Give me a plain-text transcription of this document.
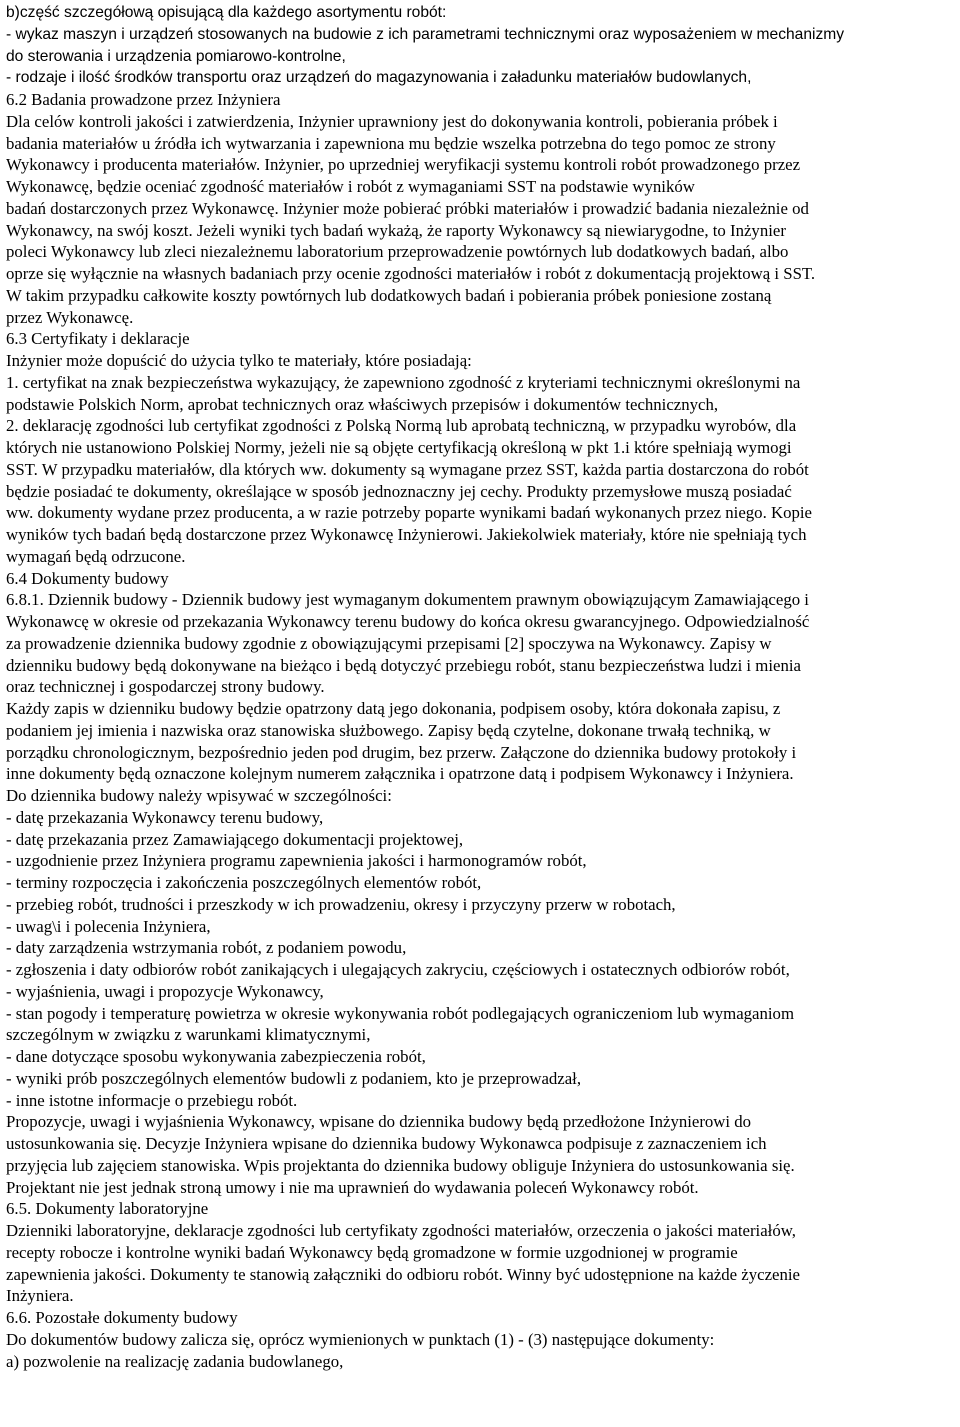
b)część szczegółową opisującą dla każdego asortymentu robót:
- wykaz maszyn i urządzeń stosowanych na budowie z ich parametrami technicznymi oraz wyposażeniem w mechanizmy
do sterowania i urządzenia pomiarowo-kontrolne,
- rodzaje i ilość środków transportu oraz urządzeń do magazynowania i załadunku materiałów budowlanych,
6.2 Badania prowadzone przez Inżyniera
Dla celów kontroli jakości i zatwierdzenia, Inżynier uprawniony jest do dokonywania kontroli, pobierania próbek i
badania materiałów u źródła ich wytwarzania i zapewniona mu będzie wszelka potrzebna do tego pomoc ze strony
Wykonawcy i producenta materiałów. Inżynier, po uprzedniej weryfikacji systemu kontroli robót prowadzonego przez
Wykonawcę, będzie oceniać zgodność materiałów i robót z wymaganiami SST na podstawie wyników
badań dostarczonych przez Wykonawcę. Inżynier może pobierać próbki materiałów i prowadzić badania niezależnie od
Wykonawcy, na swój koszt. Jeżeli wyniki tych badań wykażą, że raporty Wykonawcy są niewiarygodne, to Inżynier
poleci Wykonawcy lub zleci niezależnemu laboratorium przeprowadzenie powtórnych lub dodatkowych badań, albo
oprze się wyłącznie na własnych badaniach przy ocenie zgodności materiałów i robót z dokumentacją projektową i SST.
W takim przypadku całkowite koszty powtórnych lub dodatkowych badań i pobierania próbek poniesione zostaną
przez Wykonawcę.
6.3 Certyfikaty i deklaracje
Inżynier może dopuścić do użycia tylko te materiały, które posiadają:
1. certyfikat na znak bezpieczeństwa wykazujący, że zapewniono zgodność z kryteriami technicznymi określonymi na
podstawie Polskich Norm, aprobat technicznych oraz właściwych przepisów i dokumentów technicznych,
2. deklarację zgodności lub certyfikat zgodności z Polską Normą lub aprobatą techniczną, w przypadku wyrobów, dla
których nie ustanowiono Polskiej Normy, jeżeli nie są objęte certyfikacją określoną w pkt 1.i które spełniają wymogi
SST. W przypadku materiałów, dla których ww. dokumenty są wymagane przez SST, każda partia dostarczona do robót
będzie posiadać te dokumenty, określające w sposób jednoznaczny jej cechy. Produkty przemysłowe muszą posiadać
ww. dokumenty wydane przez producenta, a w razie potrzeby poparte wynikami badań wykonanych przez niego. Kopie
wyników tych badań będą dostarczone przez Wykonawcę Inżynierowi. Jakiekolwiek materiały, które nie spełniają tych
wymagań będą odrzucone.
6.4 Dokumenty budowy
6.8.1. Dziennik budowy - Dziennik budowy jest wymaganym dokumentem prawnym obowiązującym Zamawiającego i
Wykonawcę w okresie od przekazania Wykonawcy terenu budowy do końca okresu gwarancyjnego. Odpowiedzialność
za prowadzenie dziennika budowy zgodnie z obowiązującymi przepisami [2] spoczywa na Wykonawcy. Zapisy w
dzienniku budowy będą dokonywane na bieżąco i będą dotyczyć przebiegu robót, stanu bezpieczeństwa ludzi i mienia
oraz technicznej i gospodarczej strony budowy.
Każdy zapis w dzienniku budowy będzie opatrzony datą jego dokonania, podpisem osoby, która dokonała zapisu, z
podaniem jej imienia i nazwiska oraz stanowiska służbowego. Zapisy będą czytelne, dokonane trwałą techniką, w
porządku chronologicznym, bezpośrednio jeden pod drugim, bez przerw. Załączone do dziennika budowy protokoły i
inne dokumenty będą oznaczone kolejnym numerem załącznika i opatrzone datą i podpisem Wykonawcy i Inżyniera.
Do dziennika budowy należy wpisywać w szczególności:
- datę przekazania Wykonawcy terenu budowy,
- datę przekazania przez Zamawiającego dokumentacji projektowej,
- uzgodnienie przez Inżyniera programu zapewnienia jakości i harmonogramów robót,
- terminy rozpoczęcia i zakończenia poszczególnych elementów robót,
- przebieg robót, trudności i przeszkody w ich prowadzeniu, okresy i przyczyny przerw w robotach,
- uwag\i i polecenia Inżyniera,
- daty zarządzenia wstrzymania robót, z podaniem powodu,
- zgłoszenia i daty odbiorów robót zanikających i ulegających zakryciu, częściowych i ostatecznych odbiorów robót,
- wyjaśnienia, uwagi i propozycje Wykonawcy,
- stan pogody i temperaturę powietrza w okresie wykonywania robót podlegających ograniczeniom lub wymaganiom
szczególnym w związku z warunkami klimatycznymi,
- dane dotyczące sposobu wykonywania zabezpieczenia robót,
- wyniki prób poszczególnych elementów budowli z podaniem, kto je przeprowadzał,
- inne istotne informacje o przebiegu robót.
Propozycje, uwagi i wyjaśnienia Wykonawcy, wpisane do dziennika budowy będą przedłożone Inżynierowi do
ustosunkowania się. Decyzje Inżyniera wpisane do dziennika budowy Wykonawca podpisuje z zaznaczeniem ich
przyjęcia lub zajęciem stanowiska. Wpis projektanta do dziennika budowy obliguje Inżyniera do ustosunkowania się.
Projektant nie jest jednak stroną umowy i nie ma uprawnień do wydawania poleceń Wykonawcy robót.
6.5. Dokumenty laboratoryjne
Dzienniki laboratoryjne, deklaracje zgodności lub certyfikaty zgodności materiałów, orzeczenia o jakości materiałów,
recepty robocze i kontrolne wyniki badań Wykonawcy będą gromadzone w formie uzgodnionej w programie
zapewnienia jakości. Dokumenty te stanowią załączniki do odbioru robót. Winny być udostępnione na każde życzenie
Inżyniera.
6.6. Pozostałe dokumenty budowy
Do dokumentów budowy zalicza się, oprócz wymienionych w punktach (1) - (3) następujące dokumenty:
a) pozwolenie na realizację zadania budowlanego,
